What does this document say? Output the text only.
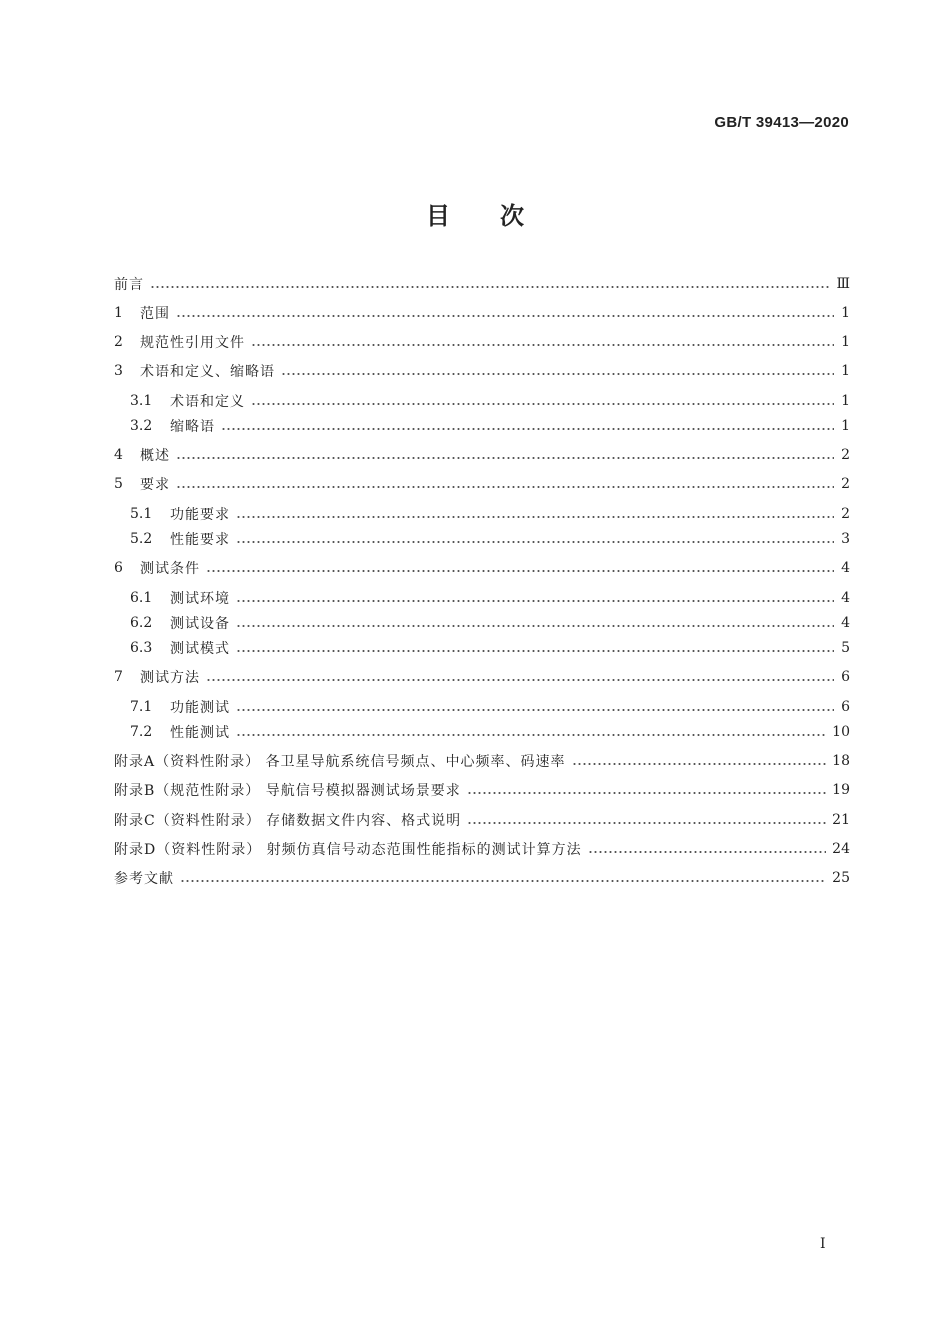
GB/T 39413—2020
目次
前言	Ⅲ
1	范围	1
2	规范性引用文件	1
3	术语和定义、缩略语	1
3.1	术语和定义	1
3.2	缩略语	1
4	概述	2
5	要求	2
5.1	功能要求	2
5.2	性能要求	3
6	测试条件	4
6.1	测试环境	4
6.2	测试设备	4
6.3	测试模式	5
7	测试方法	6
7.1	功能测试	6
7.2	性能测试	10
附录A（资料性附录） 各卫星导航系统信号频点、中心频率、码速率	18
附录B（规范性附录） 导航信号模拟器测试场景要求	19
附录C（资料性附录） 存储数据文件内容、格式说明	21
附录D（资料性附录） 射频仿真信号动态范围性能指标的测试计算方法	24
参考文献	25
I
